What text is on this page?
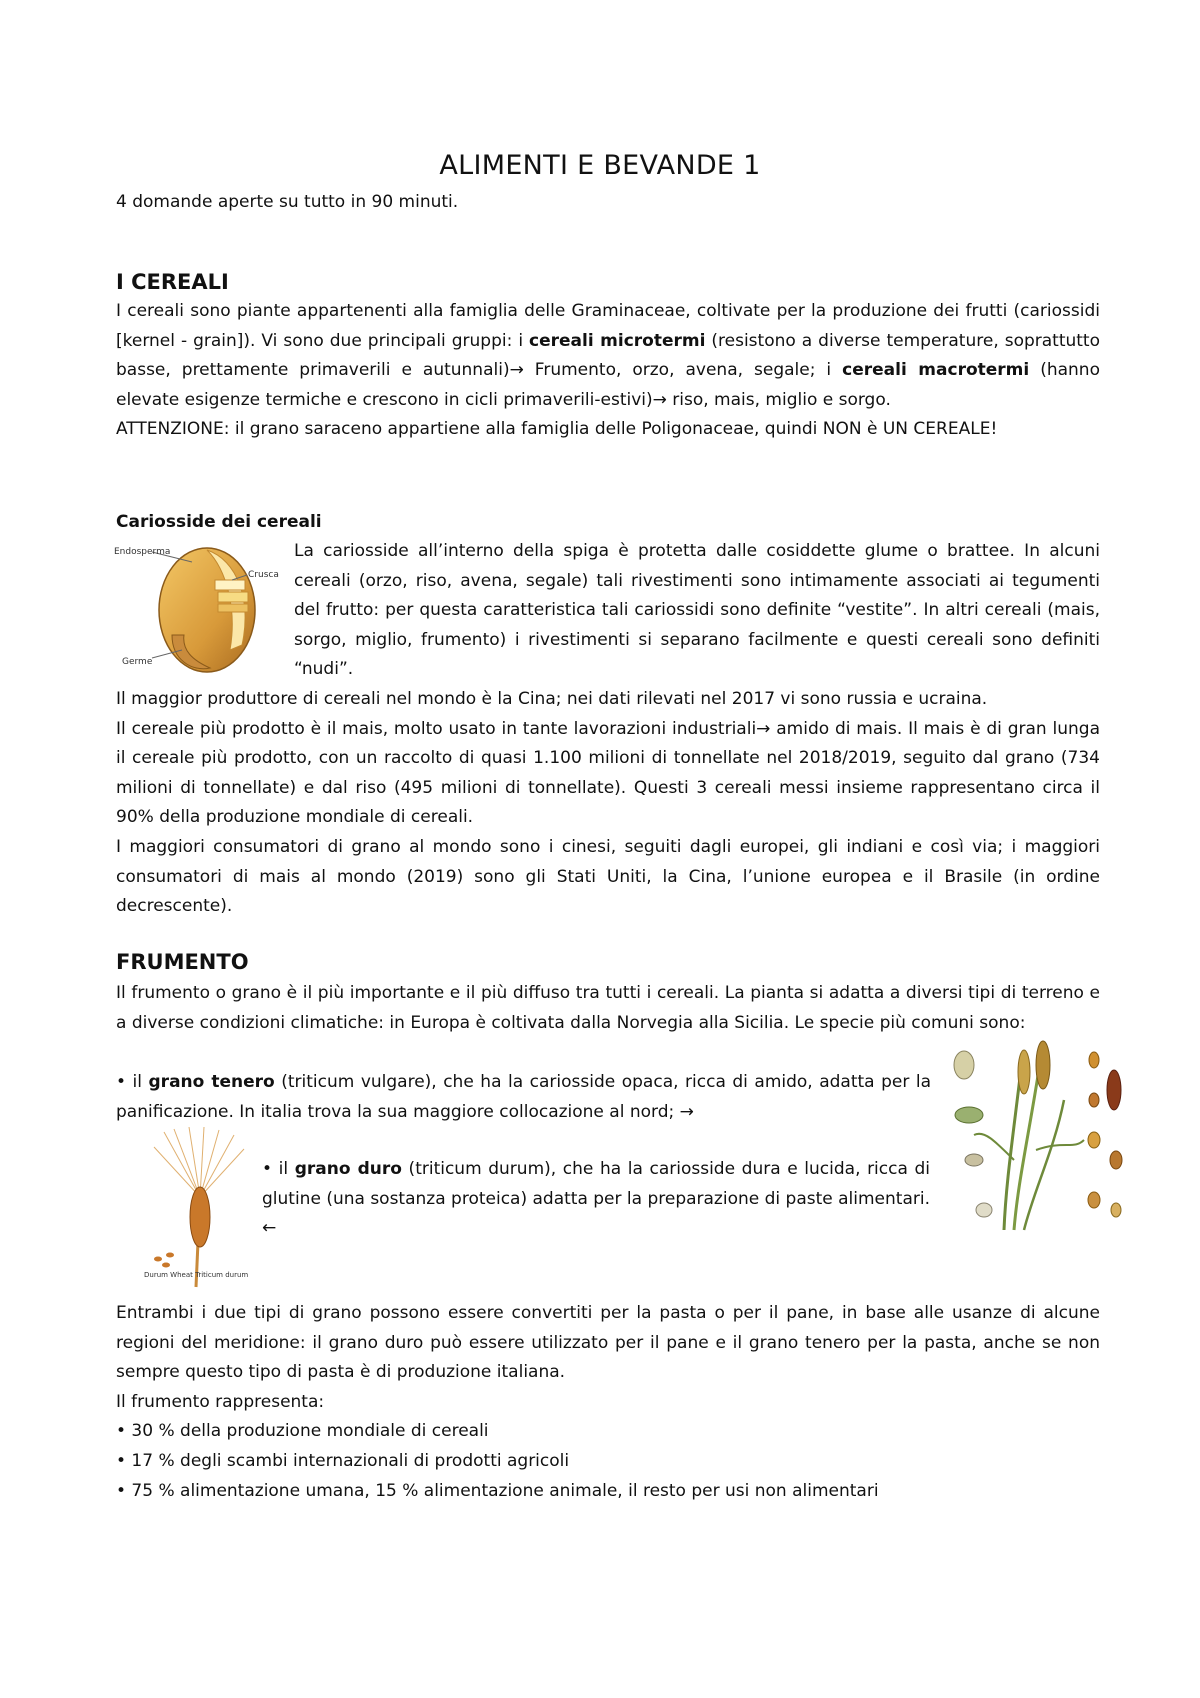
ALIMENTI E BEVANDE 1
4 domande aperte su tutto in 90 minuti.
I CEREALI

I cereali sono piante appartenenti alla famiglia delle Graminaceae, coltivate per la produzione dei frutti (cariossidi [kernel - grain]). Vi sono due principali gruppi: i cereali microtermi (resistono a diverse temperature, soprattutto basse, prettamente primaverili e autunnali)→ Frumento, orzo, avena, segale; i cereali macrotermi (hanno elevate esigenze termiche e crescono in cicli primaverili-estivi)→ riso, mais, miglio e sorgo.

ATTENZIONE: il grano saraceno appartiene alla famiglia delle Poligonaceae, quindi NON è UN CEREALE!

Cariosside dei cereali
Endosperma
Crusca
Germe
La cariosside all’interno della spiga è protetta dalle cosiddette glume o brattee. In alcuni cereali (orzo, riso, avena, segale) tali rivestimenti sono intimamente associati ai tegumenti del frutto: per questa caratteristica tali cariossidi sono definite “vestite”. In altri cereali (mais, sorgo, miglio, frumento) i rivestimenti si separano facilmente e questi cereali sono definiti “nudi”.

Il maggior produttore di cereali nel mondo è la Cina; nei dati rilevati nel 2017 vi sono russia e ucraina.

Il cereale più prodotto è il mais, molto usato in tante lavorazioni industriali→ amido di mais. Il mais è di gran lunga il cereale più prodotto, con un raccolto di quasi 1.100 milioni di tonnellate nel 2018/2019, seguito dal grano (734 milioni di tonnellate) e dal riso (495 milioni di tonnellate). Questi 3 cereali messi insieme rappresentano circa il 90% della produzione mondiale di cereali.

I maggiori consumatori di grano al mondo sono i cinesi, seguiti dagli europei, gli indiani e così via; i maggiori consumatori di mais al mondo (2019) sono gli Stati Uniti, la Cina, l’unione europea e il Brasile (in ordine decrescente).

FRUMENTO
Il frumento o grano è il più importante e il più diffuso tra tutti i cereali. La pianta si adatta a diversi tipi di terreno e a diverse condizioni climatiche: in Europa è coltivata dalla Norvegia alla Sicilia. Le specie più comuni sono:
• il grano tenero (triticum vulgare), che ha la cariosside opaca, ricca di amido, adatta per la panificazione. In italia trova la sua maggiore collocazione al nord; →
Durum Wheat Triticum durum
• il grano duro (triticum durum), che ha la cariosside dura e lucida, ricca di glutine (una sostanza proteica) adatta per la preparazione di paste alimentari.
←

Entrambi i due tipi di grano possono essere convertiti per la pasta o per il pane, in base alle usanze di alcune regioni del meridione: il grano duro può essere utilizzato per il pane e il grano tenero per la pasta, anche se non sempre questo tipo di pasta è di produzione italiana.

Il frumento rappresenta:

• 30 % della produzione mondiale di cereali

• 17 % degli scambi internazionali di prodotti agricoli

• 75 % alimentazione umana, 15 % alimentazione animale, il resto per usi non alimentari
